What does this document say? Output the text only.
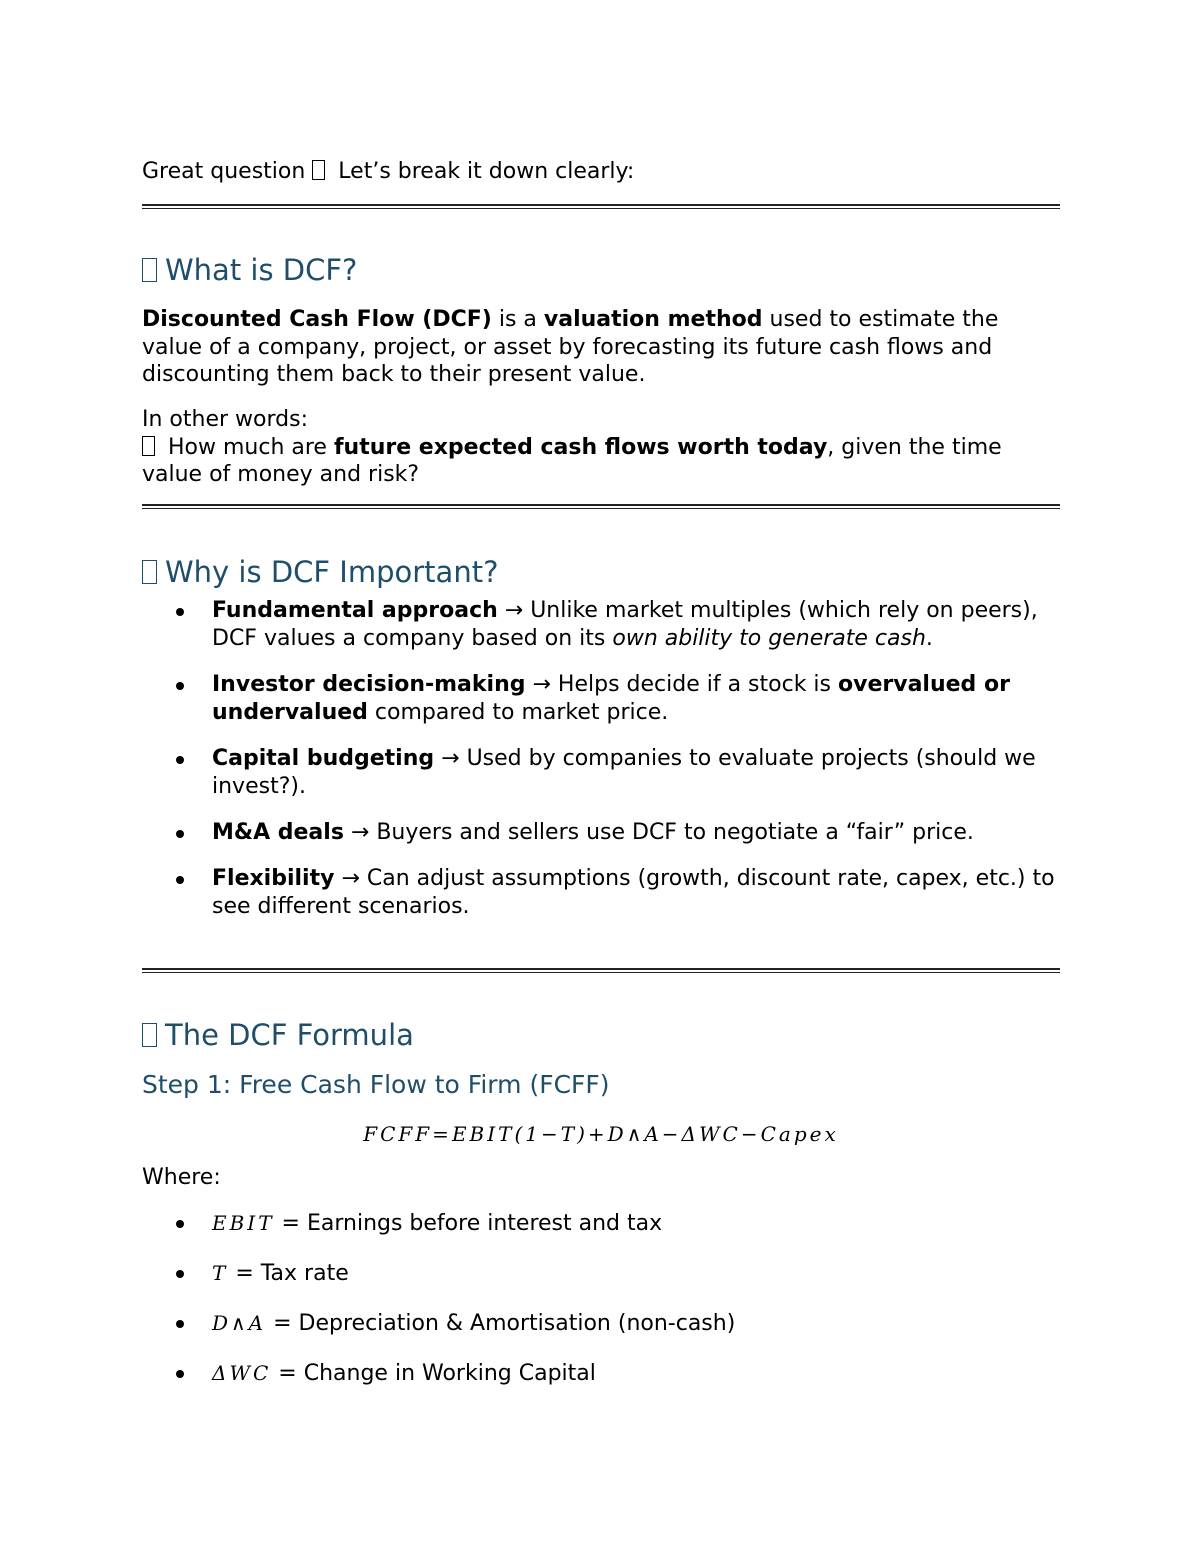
Great question  Let’s break it down clearly:
What is DCF?
Discounted Cash Flow (DCF) is a valuation method used to estimate the value of a company, project, or asset by forecasting its future cash flows and discounting them back to their present value.
In other words:
How much are future expected cash flows worth today, given the time value of money and risk?
Why is DCF Important?
Fundamental approach → Unlike market multiples (which rely on peers), DCF values a company based on its own ability to generate cash.
Investor decision-making → Helps decide if a stock is overvalued or undervalued compared to market price.
Capital budgeting → Used by companies to evaluate projects (should we invest?).
M&A deals → Buyers and sellers use DCF to negotiate a “fair” price.
Flexibility → Can adjust assumptions (growth, discount rate, capex, etc.) to see different scenarios.
The DCF Formula
Step 1: Free Cash Flow to Firm (FCFF)
FCFF=EBIT(1−T)+D∧A−ΔWC−Capex
Where:
EBIT = Earnings before interest and tax
T = Tax rate
D∧A = Depreciation & Amortisation (non-cash)
ΔWC = Change in Working Capital
